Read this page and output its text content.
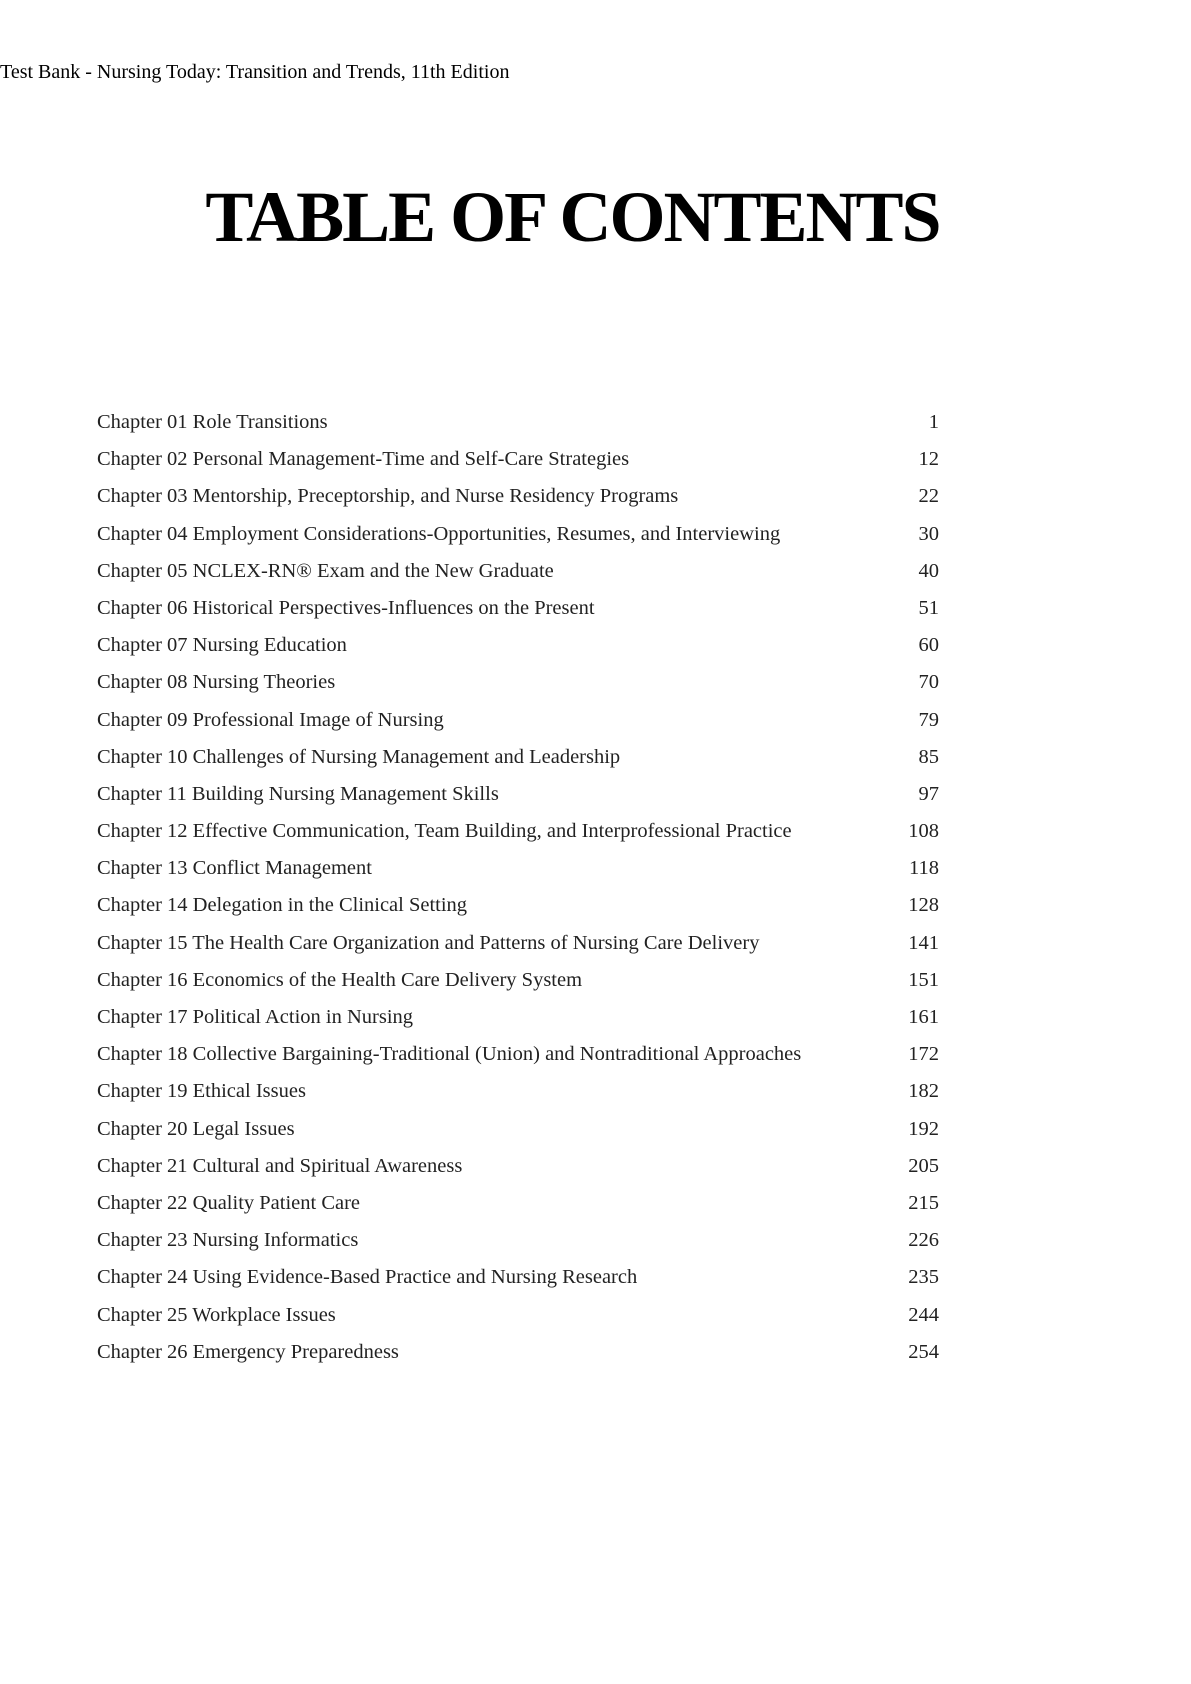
Test Bank - Nursing Today: Transition and Trends, 11th Edition
TABLE OF CONTENTS
Chapter 01 Role Transitions	1
Chapter 02 Personal Management-Time and Self-Care Strategies	12
Chapter 03 Mentorship, Preceptorship, and Nurse Residency Programs	22
Chapter 04 Employment Considerations-Opportunities, Resumes, and Interviewing	30
Chapter 05 NCLEX-RN® Exam and the New Graduate	40
Chapter 06 Historical Perspectives-Influences on the Present	51
Chapter 07 Nursing Education	60
Chapter 08 Nursing Theories	70
Chapter 09 Professional Image of Nursing	79
Chapter 10 Challenges of Nursing Management and Leadership	85
Chapter 11 Building Nursing Management Skills	97
Chapter 12 Effective Communication, Team Building, and Interprofessional Practice	108
Chapter 13 Conflict Management	118
Chapter 14 Delegation in the Clinical Setting	128
Chapter 15 The Health Care Organization and Patterns of Nursing Care Delivery	141
Chapter 16 Economics of the Health Care Delivery System	151
Chapter 17 Political Action in Nursing	161
Chapter 18 Collective Bargaining-Traditional (Union) and Nontraditional Approaches	172
Chapter 19 Ethical Issues	182
Chapter 20 Legal Issues	192
Chapter 21 Cultural and Spiritual Awareness	205
Chapter 22 Quality Patient Care	215
Chapter 23 Nursing Informatics	226
Chapter 24 Using Evidence-Based Practice and Nursing Research	235
Chapter 25 Workplace Issues	244
Chapter 26 Emergency Preparedness	254
